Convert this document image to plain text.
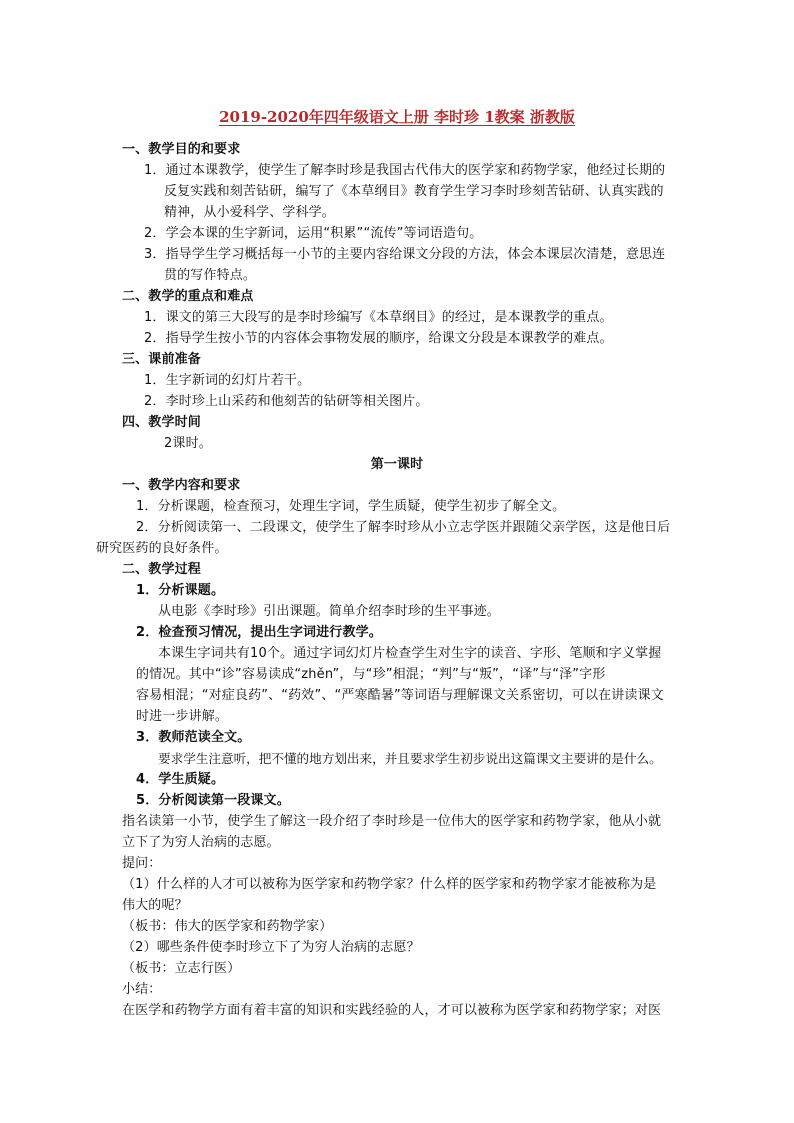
2019-2020年四年级语文上册 李时珍 1教案 浙教版
一、教学目的和要求
1．通过本课教学，使学生了解李时珍是我国古代伟大的医学家和药物学家，他经过长期的
反复实践和刻苦钻研，编写了《本草纲目》教育学生学习李时珍刻苦钻研、认真实践的
精神，从小爱科学、学科学。
2．学会本课的生字新词，运用“积累”“流传”等词语造句。
3．指导学生学习概括每一小节的主要内容给课文分段的方法，体会本课层次清楚，意思连
贯的写作特点。
二、教学的重点和难点
1．课文的第三大段写的是李时珍编写《本草纲目》的经过，是本课教学的重点。
2．指导学生按小节的内容体会事物发展的顺序，给课文分段是本课教学的难点。
三、课前准备
1．生字新词的幻灯片若干。
2．李时珍上山采药和他刻苦的钻研等相关图片。
四、教学时间
2课时。
第一课时
一、教学内容和要求
1．分析课题，检查预习，处理生字词，学生质疑，使学生初步了解全文。
2．分析阅读第一、二段课文，使学生了解李时珍从小立志学医并跟随父亲学医，这是他日后
研究医药的良好条件。
二、教学过程
1．分析课题。
从电影《李时珍》引出课题。简单介绍李时珍的生平事迹。
2．检查预习情况，提出生字词进行教学。
本课生字词共有10个。通过字词幻灯片检查学生对生字的读音、字形、笔顺和字义掌握
的情况。其中“诊”容易读成“zhěn”，与“珍”相混；“判”与“叛”，“译”与“泽”字形
容易相混；“对症良药”、“药效”、“严寒酷暑”等词语与理解课文关系密切，可以在讲读课文
时进一步讲解。
3．教师范读全文。
要求学生注意听，把不懂的地方划出来，并且要求学生初步说出这篇课文主要讲的是什么。
4．学生质疑。
5．分析阅读第一段课文。
指名读第一小节，使学生了解这一段介绍了李时珍是一位伟大的医学家和药物学家，他从小就
立下了为穷人治病的志愿。
提问：
（1）什么样的人才可以被称为医学家和药物学家？什么样的医学家和药物学家才能被称为是
伟大的呢？
（板书：伟大的医学家和药物学家）
（2）哪些条件使李时珍立下了为穷人治病的志愿？
（板书：立志行医）
小结：
在医学和药物学方面有着丰富的知识和实践经验的人，才可以被称为医学家和药物学家；对医
